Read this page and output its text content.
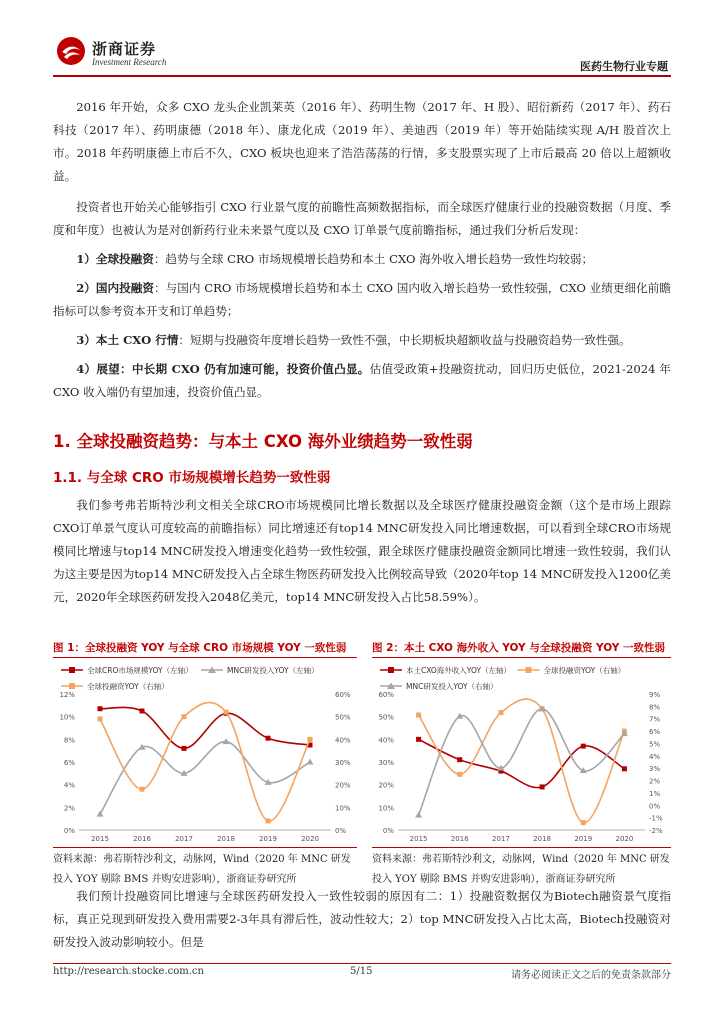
浙商证券
Investment Research	医药生物行业专题

2016 年开始，众多 CXO 龙头企业凯莱英（2016 年）、药明生物（2017 年、H 股）、昭衍新药（2017 年）、药石科技（2017 年）、药明康德（2018 年）、康龙化成（2019 年）、美迪西（2019 年）等开始陆续实现 A/H 股首次上市。2018 年药明康德上市后不久，CXO 板块也迎来了浩浩荡荡的行情，多支股票实现了上市后最高 20 倍以上超额收益。

投资者也开始关心能够指引 CXO 行业景气度的前瞻性高频数据指标，而全球医疗健康行业的投融资数据（月度、季度和年度）也被认为是对创新药行业未来景气度以及 CXO 订单景气度前瞻指标，通过我们分析后发现：

1）全球投融资：趋势与全球 CRO 市场规模增长趋势和本土 CXO 海外收入增长趋势一致性均较弱；

2）国内投融资：与国内 CRO 市场规模增长趋势和本土 CXO 国内收入增长趋势一致性较强，CXO 业绩更细化前瞻指标可以参考资本开支和订单趋势；

3）本土 CXO 行情：短期与投融资年度增长趋势一致性不强，中长期板块超额收益与投融资趋势一致性强。

4）展望：中长期 CXO 仍有加速可能，投资价值凸显。估值受政策+投融资扰动，回归历史低位，2021-2024 年 CXO 收入端仍有望加速，投资价值凸显。

1. 全球投融资趋势：与本土 CXO 海外业绩趋势一致性弱
1.1. 与全球 CRO 市场规模增长趋势一致性弱

我们参考弗若斯特沙利文相关全球CRO市场规模同比增长数据以及全球医疗健康投融资金额（这个是市场上跟踪CXO订单景气度认可度较高的前瞻指标）同比增速还有top14 MNC研发投入同比增速数据，可以看到全球CRO市场规模同比增速与top14 MNC研发投入增速变化趋势一致性较强，跟全球医疗健康投融资金额同比增速一致性较弱，我们认为这主要是因为top14 MNC研发投入占全球生物医药研发投入比例较高导致（2020年top 14 MNC研发投入1200亿美元，2020年全球医药研发投入2048亿美元，top14 MNC研发投入占比58.59%）。

图 1：全球投融资 YOY 与全球 CRO 市场规模 YOY 一致性弱
全球CRO市场规模YOY（左轴）	MNC研发投入YOY（左轴）
全球投融资YOY（右轴）
0%
2%
4%
6%
8%
10%
12%
0%
10%
20%
30%
40%
50%
60%
2015	2016	2017	2018	2019	2020
资料来源：弗若斯特沙利文，动脉网，Wind（2020 年 MNC 研发投入 YOY 剔除 BMS 并购安进影响），浙商证券研究所
图 2：本土 CXO 海外收入 YOY 与全球投融资 YOY 一致性弱
本土CXO海外收入YOY（左轴）	全球投融资YOY（右轴）
MNC研发投入YOY（右轴）
0%
10%
20%
30%
40%
50%
60%
-2%
-1%
0%
1%
2%
3%
4%
5%
6%
7%
8%
9%
2015	2016	2017	2018	2019	2020
资料来源：弗若斯特沙利文，动脉网，Wind（2020 年 MNC 研发投入 YOY 剔除 BMS 并购安进影响），浙商证券研究所

我们预计投融资同比增速与全球医药研发投入一致性较弱的原因有二：1）投融资数据仅为Biotech融资景气度指标，真正兑现到研发投入费用需要2-3年具有滞后性，波动性较大；2）top MNC研发投入占比太高，Biotech投融资对研发投入波动影响较小。但是

http://research.stocke.com.cn	5/15	请务必阅读正文之后的免责条款部分
